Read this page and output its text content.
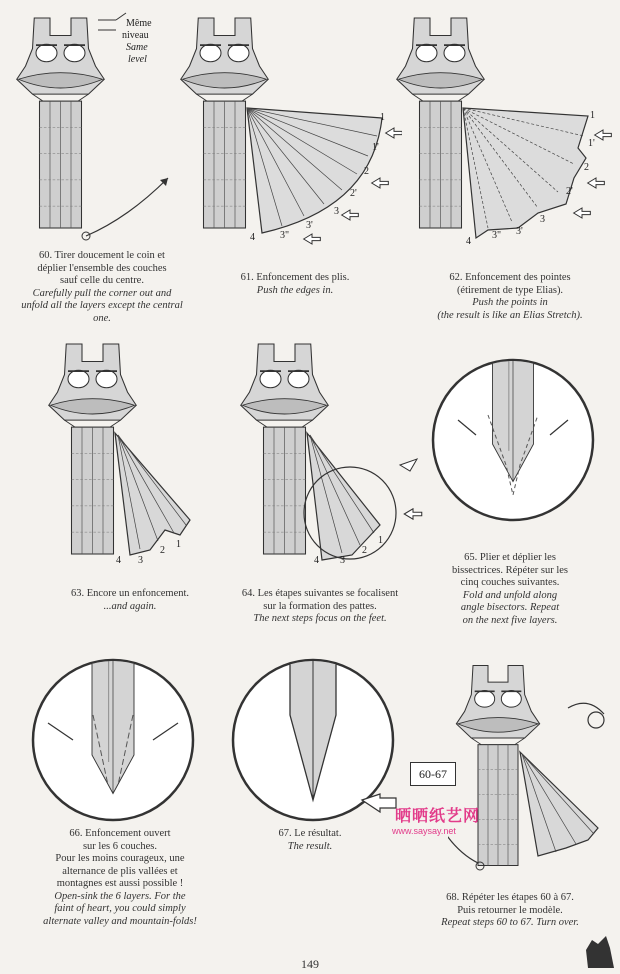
Même
niveau
Same
level
60. Tirer doucement le coin et
déplier l'ensemble des couches
sauf celle du centre.
Carefully pull the corner out and
unfold all the layers except the central one.
1
1'
2
2'
3
3'
3"
4
61. Enfoncement des plis.
Push the edges in.
1
1'
2
2'
3
3'
3"
4
62. Enfoncement des pointes
(étirement de type Elias).
Push the points in
(the result is like an Elias Stretch).
1
2
3
4
63. Encore un enfoncement.
...and again.
1
2
3
4
64. Les étapes suivantes se focalisent
sur la formation des pattes.
The next steps focus on the feet.
65. Plier et déplier les
bissectrices. Répéter sur les
cinq couches suivantes.
Fold and unfold along
angle bisectors. Repeat
on the next five layers.
66. Enfoncement ouvert
sur les 6 couches.
Pour les moins courageux, une
alternance de plis vallées et
montagnes est aussi possible !
Open-sink the 6 layers. For the
faint of heart, you could simply
alternate valley and mountain-folds!
67. Le résultat.
The result.
60-67
晒晒纸艺网
www.saysay.net
68. Répéter les étapes 60 à 67.
Puis retourner le modèle.
Repeat steps 60 to 67. Turn over.
149
